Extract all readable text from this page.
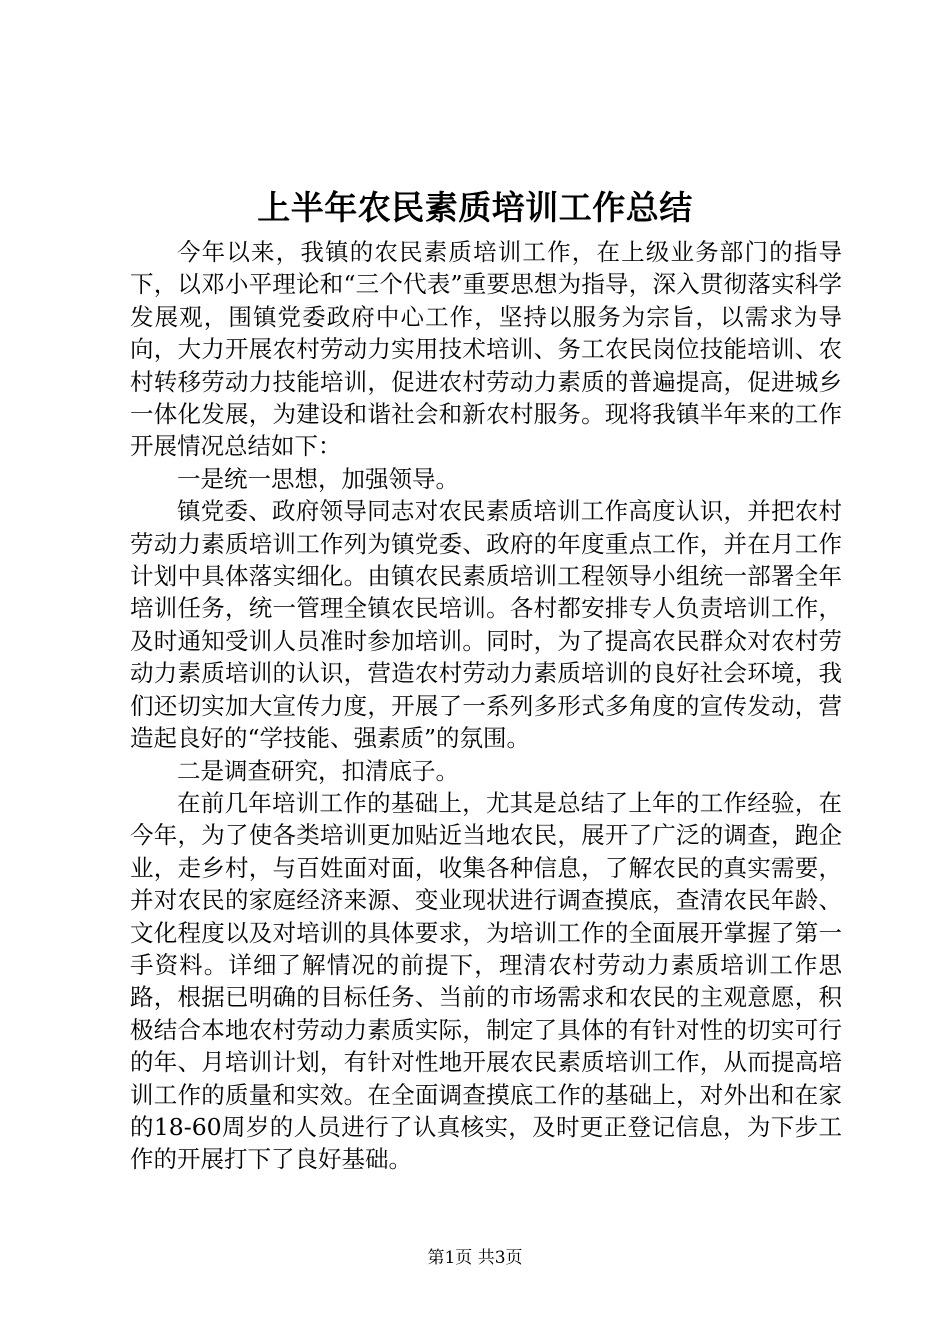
上半年农民素质培训工作总结

今年以来，我镇的农民素质培训工作，在上级业务部门的指导下，以邓小平理论和“三个代表”重要思想为指导，深入贯彻落实科学发展观，围镇党委政府中心工作，坚持以服务为宗旨，以需求为导向，大力开展农村劳动力实用技术培训、务工农民岗位技能培训、农村转移劳动力技能培训，促进农村劳动力素质的普遍提高，促进城乡一体化发展，为建设和谐社会和新农村服务。现将我镇半年来的工作开展情况总结如下：

一是统一思想，加强领导。

镇党委、政府领导同志对农民素质培训工作高度认识，并把农村劳动力素质培训工作列为镇党委、政府的年度重点工作，并在月工作计划中具体落实细化。由镇农民素质培训工程领导小组统一部署全年培训任务，统一管理全镇农民培训。各村都安排专人负责培训工作，及时通知受训人员准时参加培训。同时，为了提高农民群众对农村劳动力素质培训的认识，营造农村劳动力素质培训的良好社会环境，我们还切实加大宣传力度，开展了一系列多形式多角度的宣传发动，营造起良好的“学技能、强素质”的氛围。

二是调查研究，扣清底子。

在前几年培训工作的基础上，尤其是总结了上年的工作经验，在今年，为了使各类培训更加贴近当地农民，展开了广泛的调查，跑企业，走乡村，与百姓面对面，收集各种信息，了解农民的真实需要，并对农民的家庭经济来源、变业现状进行调查摸底，查清农民年龄、文化程度以及对培训的具体要求，为培训工作的全面展开掌握了第一手资料。详细了解情况的前提下，理清农村劳动力素质培训工作思路，根据已明确的目标任务、当前的市场需求和农民的主观意愿，积极结合本地农村劳动力素质实际，制定了具体的有针对性的切实可行的年、月培训计划，有针对性地开展农民素质培训工作，从而提高培训工作的质量和实效。在全面调查摸底工作的基础上，对外出和在家的18-60周岁的人员进行了认真核实，及时更正登记信息，为下步工作的开展打下了良好基础。

第1页 共3页
